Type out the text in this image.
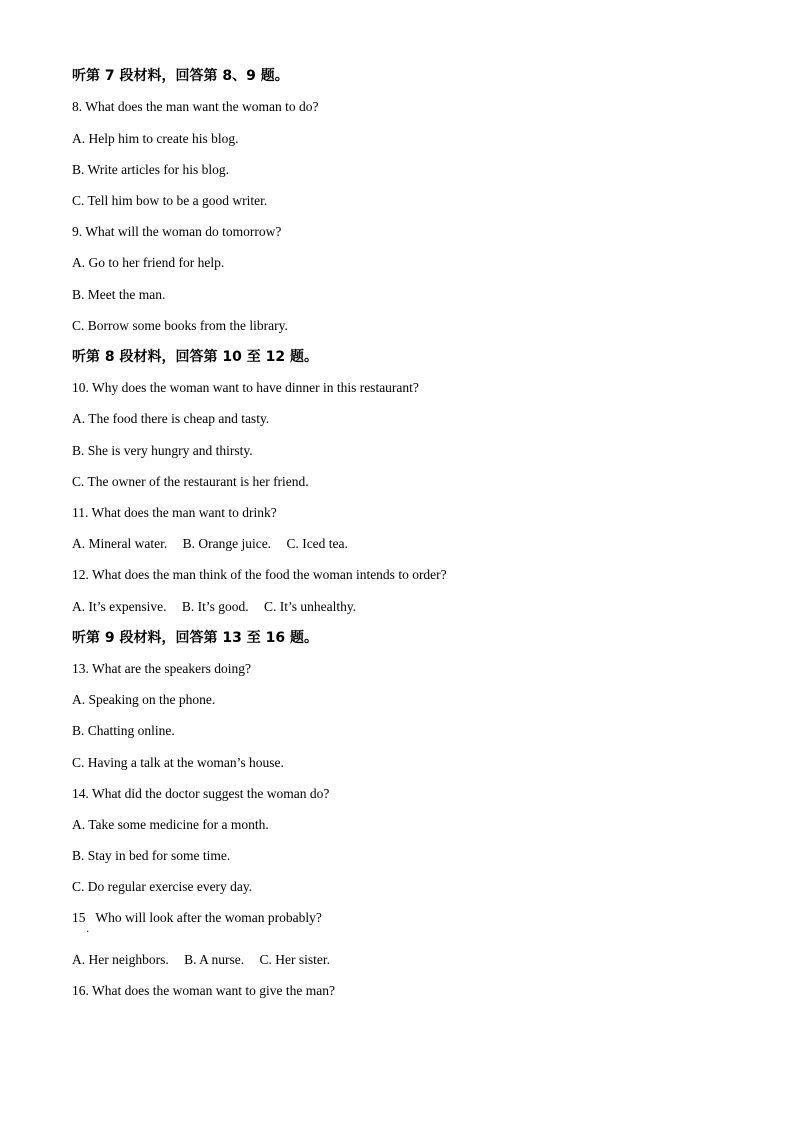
听第 7 段材料，回答第 8、9 题。
8. What does the man want the woman to do?
A. Help him to create his blog.
B. Write articles for his blog.
C. Tell him bow to be a good writer.
9. What will the woman do tomorrow?
A. Go to her friend for help.
B. Meet the man.
C. Borrow some books from the library.
听第 8 段材料，回答第 10 至 12 题。
10. Why does the woman want to have dinner in this restaurant?
A. The food there is cheap and tasty.
B. She is very hungry and thirsty.
C. The owner of the restaurant is her friend.
11. What does the man want to drink?
A. Mineral water. B. Orange juice. C. Iced tea.
12. What does the man think of the food the woman intends to order?
A. It’s expensive. B. It’s good. C. It’s unhealthy.
听第 9 段材料，回答第 13 至 16 题。
13. What are the speakers doing?
A. Speaking on the phone.
B. Chatting online.
C. Having a talk at the woman’s house.
14. What did the doctor suggest the woman do?
A. Take some medicine for a month.
B. Stay in bed for some time.
C. Do regular exercise every day.
15   Who will look after the woman probably?
·
A. Her neighbors. B. A nurse. C. Her sister.
16. What does the woman want to give the man?
